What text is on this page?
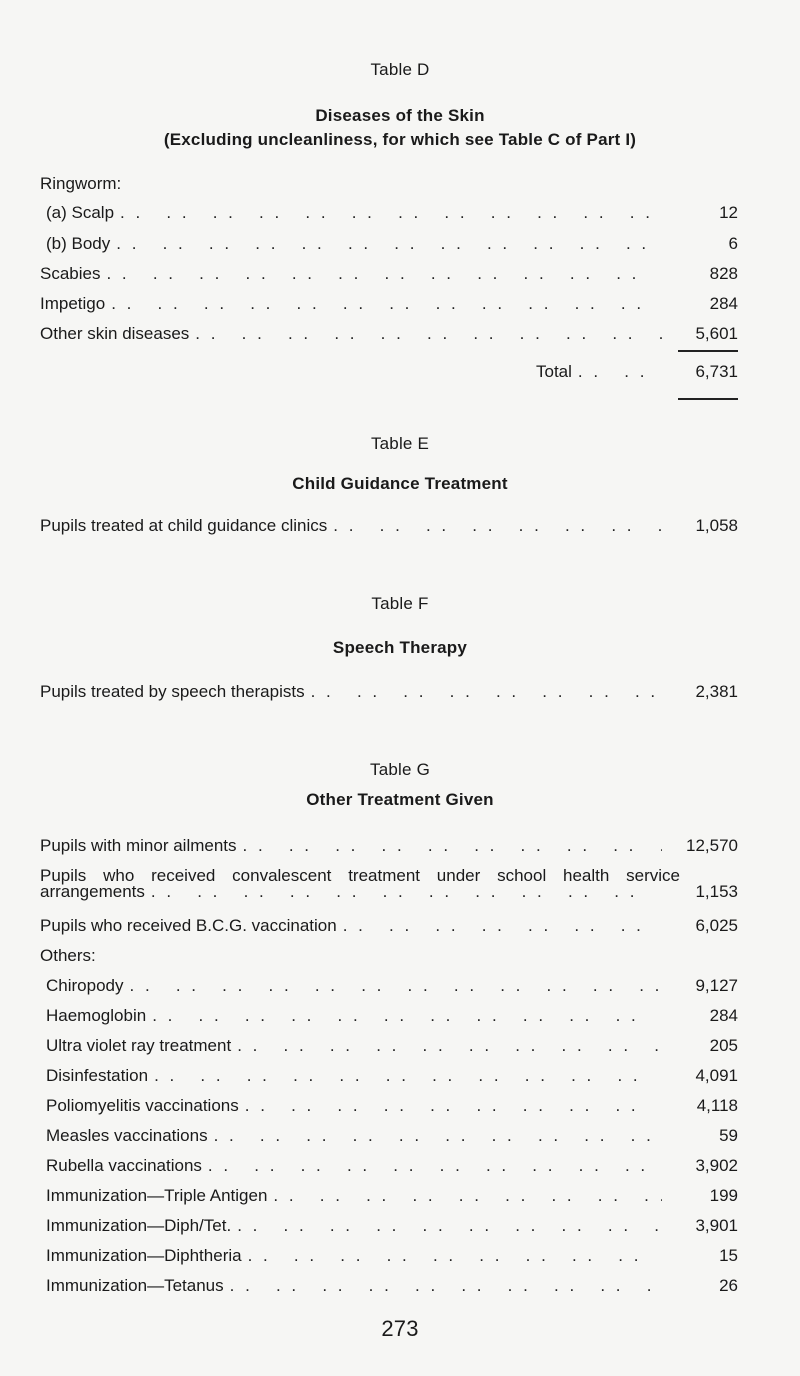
Table D
Diseases of the Skin
(Excluding uncleanliness, for which see Table C of Part I)
Ringworm:
(a) Scalp . .	12
(b) Body . .	6
Scabies . .	828
Impetigo . .	284
Other skin diseases . .	5,601
Total . .	6,731
Table E
Child Guidance Treatment
Pupils treated at child guidance clinics . .	1,058
Table F
Speech Therapy
Pupils treated by speech therapists . .	2,381
Table G
Other Treatment Given
Pupils with minor ailments . .	12,570
Pupils who received convalescent treatment under school health service
arrangements . .	1,153
Pupils who received B.C.G. vaccination . .	6,025
Others:
Chiropody . .	9,127
Haemoglobin . .	284
Ultra violet ray treatment . .	205
Disinfestation . .	4,091
Poliomyelitis vaccinations . .	4,118
Measles vaccinations . .	59
Rubella vaccinations . .	3,902
Immunization—Triple Antigen . .	199
Immunization—Diph/Tet. . .	3,901
Immunization—Diphtheria . .	15
Immunization—Tetanus . .	26
273
